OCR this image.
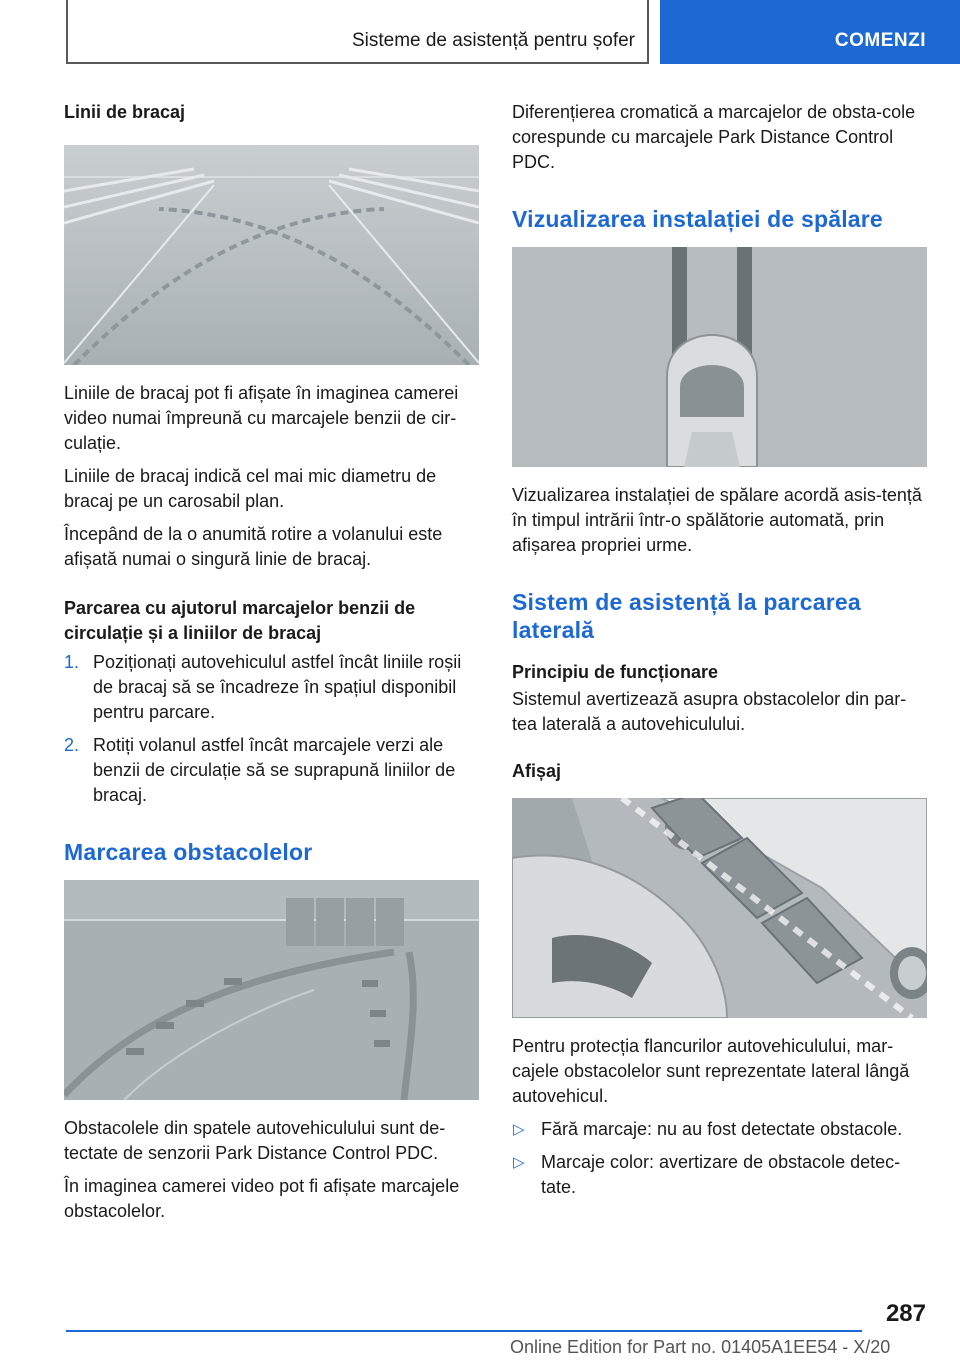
Sisteme de asistență pentru șofer	COMENZI
Linii de bracaj

Liniile de bracaj pot fi afișate în imaginea camerei video numai împreună cu marcajele benzii de cir‐culație.

Liniile de bracaj indică cel mai mic diametru de bracaj pe un carosabil plan.

Începând de la o anumită rotire a volanului este afișată numai o singură linie de bracaj.

Parcarea cu ajutorul marcajelor benzii de circulație și a liniilor de bracaj
1. Poziționați autovehiculul astfel încât liniile roșii de bracaj să se încadreze în spațiul disponibil pentru parcare.
2. Rotiți volanul astfel încât marcajele verzi ale benzii de circulație să se suprapună liniilor de bracaj.
Marcarea obstacolelor

Obstacolele din spatele autovehiculului sunt de‐tectate de senzorii Park Distance Control PDC.

În imaginea camerei video pot fi afișate marcajele obstacolelor.

Diferențierea cromatică a marcajelor de obsta‐cole corespunde cu marcajele Park Distance Control PDC.

Vizualizarea instalației de spălare

Vizualizarea instalației de spălare acordă asis‐tență în timpul intrării într-o spălătorie automată, prin afișarea propriei urme.

Sistem de asistență la parcarea laterală
Principiu de funcționare

Sistemul avertizează asupra obstacolelor din par‐tea laterală a autovehiculului.

Afișaj

Pentru protecția flancurilor autovehiculului, mar‐cajele obstacolelor sunt reprezentate lateral lângă autovehicul.

▷ Fără marcaje: nu au fost detectate obstacole.
▷ Marcaje color: avertizare de obstacole detec‐tate.
287
Online Edition for Part no. 01405A1EE54 - X/20
